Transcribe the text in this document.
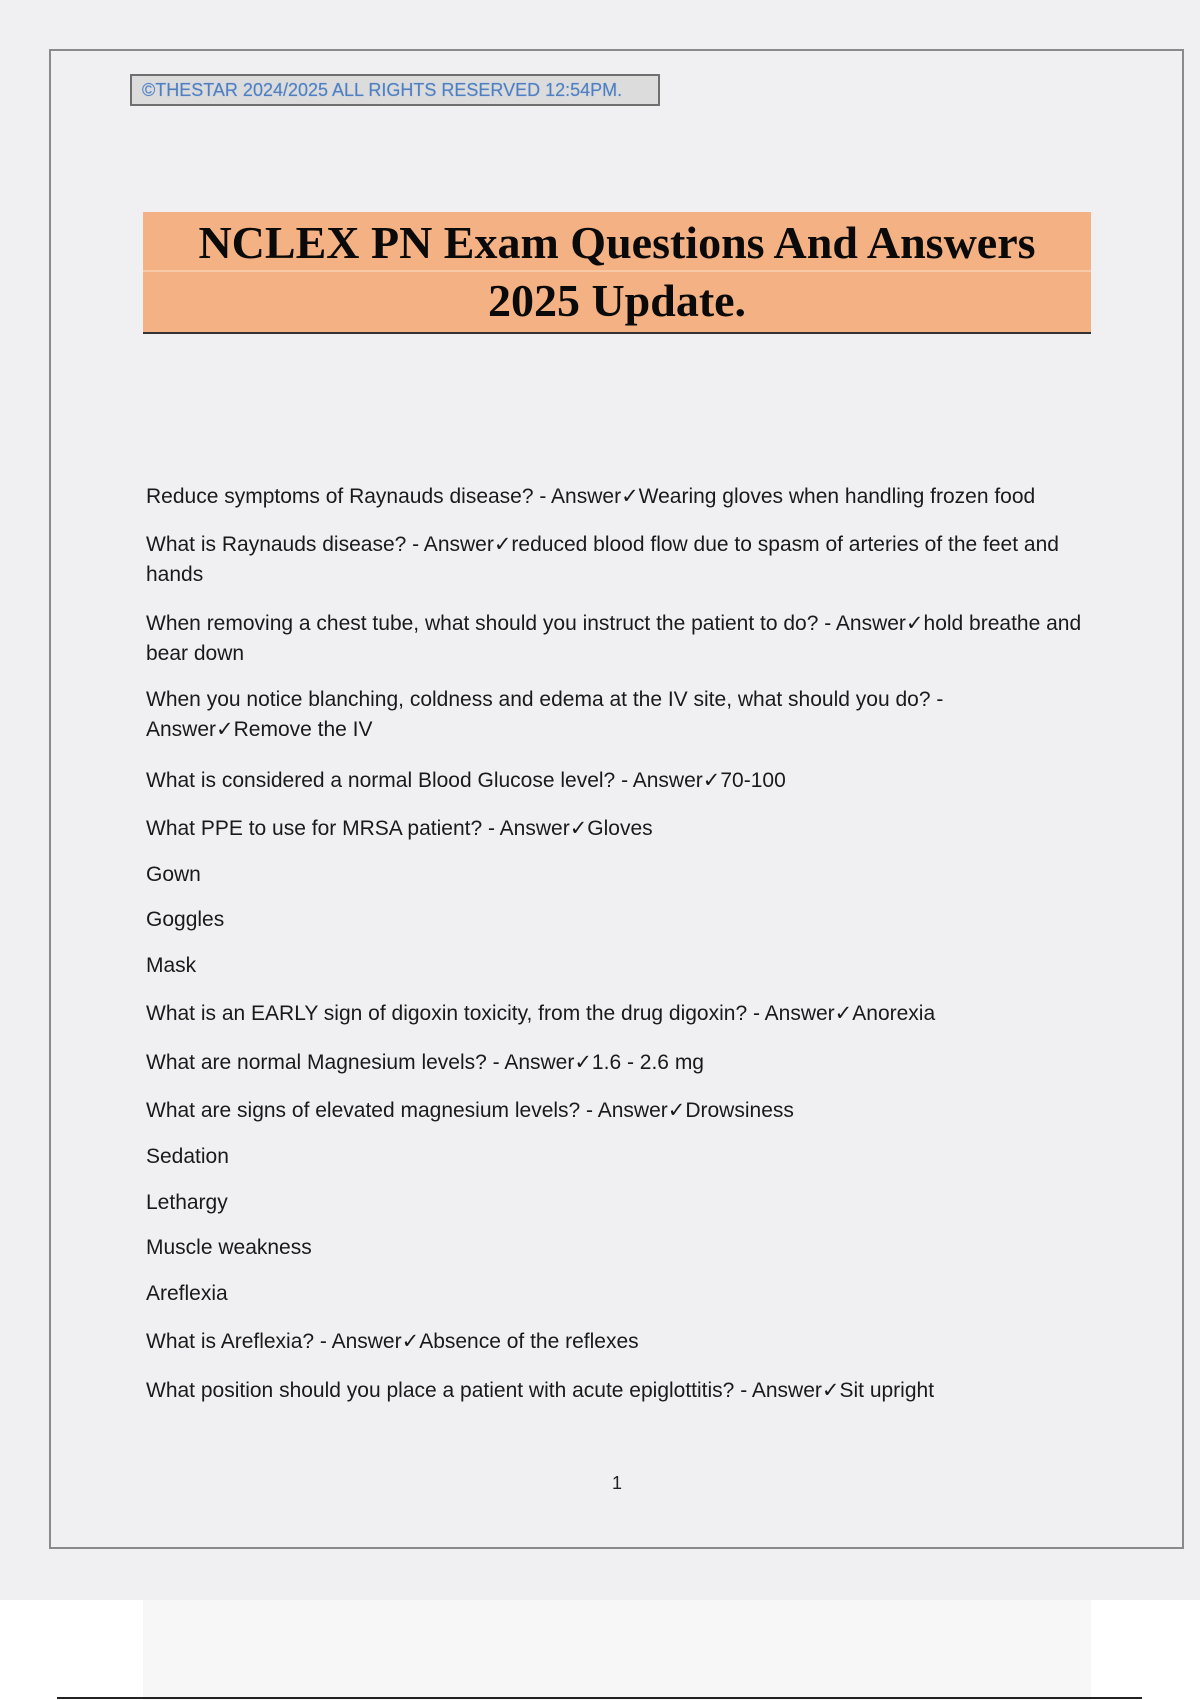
©THESTAR 2024/2025 ALL RIGHTS RESERVED 12:54PM.
NCLEX PN Exam Questions And Answers
2025 Update.
Reduce symptoms of Raynauds disease? - Answer✓Wearing gloves when handling frozen food
What is Raynauds disease? - Answer✓reduced blood flow due to spasm of arteries of the feet and hands
When removing a chest tube, what should you instruct the patient to do? - Answer✓hold breathe and bear down
When you notice blanching, coldness and edema at the IV site, what should you do? - Answer✓Remove the IV
What is considered a normal Blood Glucose level? - Answer✓70-100
What PPE to use for MRSA patient? - Answer✓Gloves
Gown
Goggles
Mask
What is an EARLY sign of digoxin toxicity, from the drug digoxin? - Answer✓Anorexia
What are normal Magnesium levels? - Answer✓1.6 - 2.6 mg
What are signs of elevated magnesium levels? - Answer✓Drowsiness
Sedation
Lethargy
Muscle weakness
Areflexia
What is Areflexia? - Answer✓Absence of the reflexes
What position should you place a patient with acute epiglottitis? - Answer✓Sit upright
1
